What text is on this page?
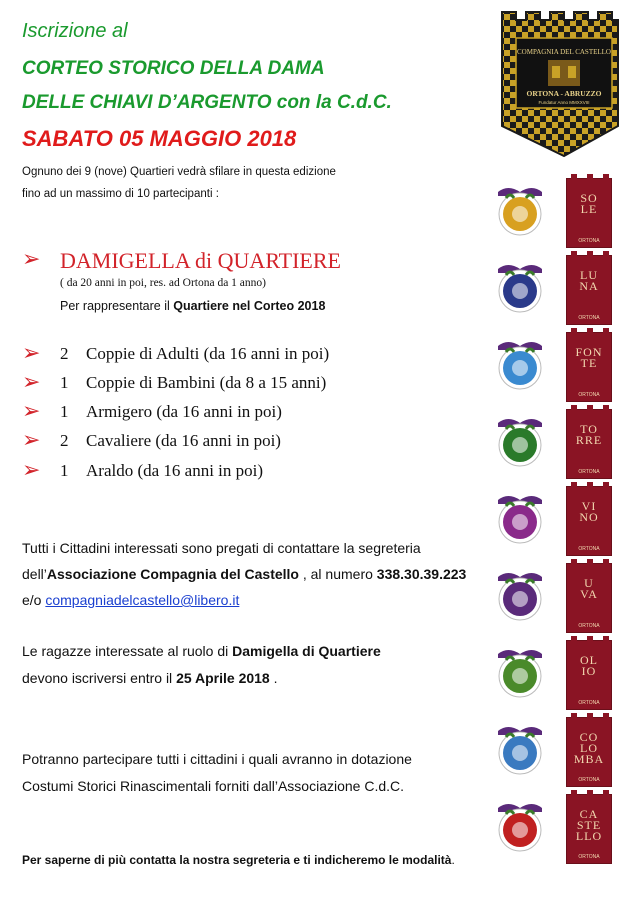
Iscrizione al
CORTEO STORICO DELLA DAMA
DELLE CHIAVI D’ARGENTO con la C.d.C.
SABATO 05 MAGGIO 2018
Ognuno dei 9 (nove) Quartieri vedrà sfilare in questa edizione
fino ad un massimo di 10 partecipanti :
➢ DAMIGELLA di QUARTIERE
( da 20 anni in poi, res. ad Ortona da 1 anno)
Per rappresentare il Quartiere nel Corteo 2018
➢ 2 Coppie di Adulti (da 16 anni in poi)
➢ 1 Coppie di Bambini (da 8 a 15 anni)
➢ 1 Armigero (da 16 anni in poi)
➢ 2 Cavaliere (da 16 anni in poi)
➢ 1 Araldo (da 16 anni in poi)
Tutti i Cittadini interessati sono pregati di contattare la segreteria
dell’Associazione Compagnia del Castello , al numero 338.30.39.223
e/o compagniadelcastello@libero.it
Le ragazze interessate al ruolo di Damigella di Quartiere
devono iscriversi entro il 25 Aprile 2018 .
Potranno partecipare tutti i cittadini i quali avranno in dotazione
Costumi Storici Rinascimentali forniti dall’Associazione C.d.C.
Per saperne di più contatta la nostra segreteria e ti indicheremo le modalità.
COMPAGNIA DEL CASTELLO
ORTONA - ABRUZZO
Fundatur Anno MMXXVIII
SO
LE
ORTONA
LU
NA
ORTONA
FON
TE
ORTONA
TO
RRE
ORTONA
VI
NO
ORTONA
U
VA
ORTONA
OL
IO
ORTONA
CO
LO
MBA
ORTONA
CA
STE
LLO
ORTONA
